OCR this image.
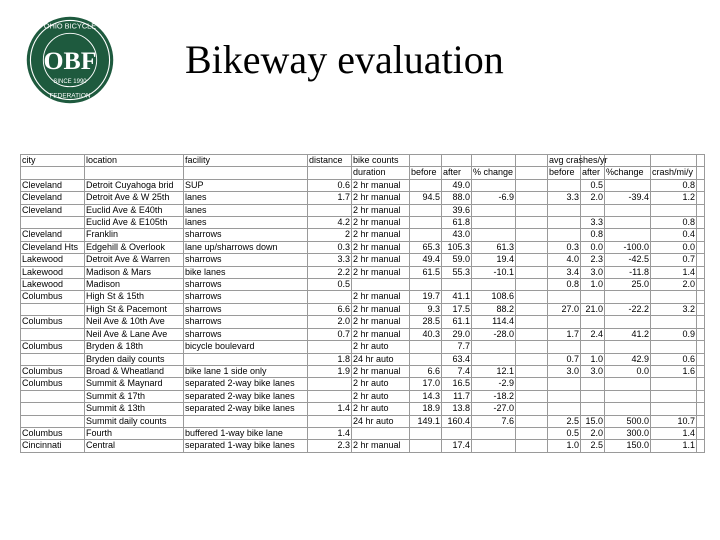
OHIO BICYCLE
OBF
SINCE 1990
FEDERATION
Bikeway evaluation
city	location	facility	distance	bike counts					avg crashes/yr				
				duration	before	after	% change		before	after	%change	crash/mi/y	
Cleveland	Detroit Cuyahoga brid	SUP	0.6	2 hr manual		49.0				0.5		0.8	
Cleveland	Detroit Ave & W 25th	lanes	1.7	2 hr manual	94.5	88.0	-6.9		3.3	2.0	-39.4	1.2	
Cleveland	Euclid Ave & E40th	lanes		2 hr manual		39.6							
	Euclid Ave & E105th	lanes	4.2	2 hr manual		61.8				3.3		0.8	
Cleveland	Franklin	sharrows	2	2 hr manual		43.0				0.8		0.4	
Cleveland Hts	Edgehill & Overlook	lane up/sharrows down	0.3	2 hr manual	65.3	105.3	61.3		0.3	0.0	-100.0	0.0	
Lakewood	Detroit Ave & Warren	sharrows	3.3	2 hr manual	49.4	59.0	19.4		4.0	2.3	-42.5	0.7	
Lakewood	Madison & Mars	bike lanes	2.2	2 hr manual	61.5	55.3	-10.1		3.4	3.0	-11.8	1.4	
Lakewood	Madison	sharrows	0.5						0.8	1.0	25.0	2.0	
Columbus	High St & 15th	sharrows		2 hr manual	19.7	41.1	108.6						
	High St & Pacemont	sharrows	6.6	2 hr manual	9.3	17.5	88.2		27.0	21.0	-22.2	3.2	
Columbus	Neil Ave & 10th Ave	sharrows	2.0	2 hr manual	28.5	61.1	114.4						
	Neil Ave & Lane Ave	sharrows	0.7	2 hr manual	40.3	29.0	-28.0		1.7	2.4	41.2	0.9	
Columbus	Bryden & 18th	bicycle boulevard		2 hr auto		7.7							
	Bryden daily counts		1.8	24 hr auto		63.4			0.7	1.0	42.9	0.6	
Columbus	Broad & Wheatland	bike lane 1 side only	1.9	2 hr manual	6.6	7.4	12.1		3.0	3.0	0.0	1.6	
Columbus	Summit & Maynard	separated 2-way bike lanes		2 hr auto	17.0	16.5	-2.9						
	Summit & 17th	separated 2-way bike lanes		2 hr auto	14.3	11.7	-18.2						
	Summit & 13th	separated 2-way bike lanes	1.4	2 hr auto	18.9	13.8	-27.0						
	Summit daily counts			24 hr auto	149.1	160.4	7.6		2.5	15.0	500.0	10.7	
Columbus	Fourth	buffered 1-way bike lane	1.4						0.5	2.0	300.0	1.4	
Cincinnati	Central	separated 1-way bike lanes	2.3	2 hr manual		17.4			1.0	2.5	150.0	1.1	
